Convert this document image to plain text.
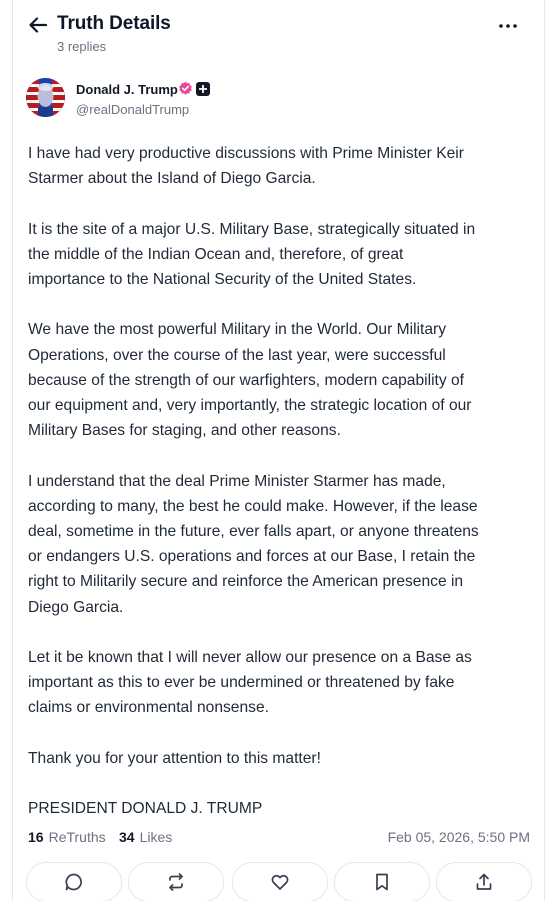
Truth Details
3 replies
Donald J. Trump
@realDonaldTrump

I have had very productive discussions with Prime Minister Keir
Starmer about the Island of Diego Garcia.

It is the site of a major U.S. Military Base, strategically situated in
the middle of the Indian Ocean and, therefore, of great
importance to the National Security of the United States.

We have the most powerful Military in the World. Our Military
Operations, over the course of the last year, were successful
because of the strength of our warfighters, modern capability of
our equipment and, very importantly, the strategic location of our
Military Bases for staging, and other reasons.

I understand that the deal Prime Minister Starmer has made,
according to many, the best he could make. However, if the lease
deal, sometime in the future, ever falls apart, or anyone threatens
or endangers U.S. operations and forces at our Base, I retain the
right to Militarily secure and reinforce the American presence in
Diego Garcia.

Let it be known that I will never allow our presence on a Base as
important as this to ever be undermined or threatened by fake
claims or environmental nonsense.

Thank you for your attention to this matter!

PRESIDENT DONALD J. TRUMP

16 ReTruths 34 Likes	Feb 05, 2026, 5:50 PM
